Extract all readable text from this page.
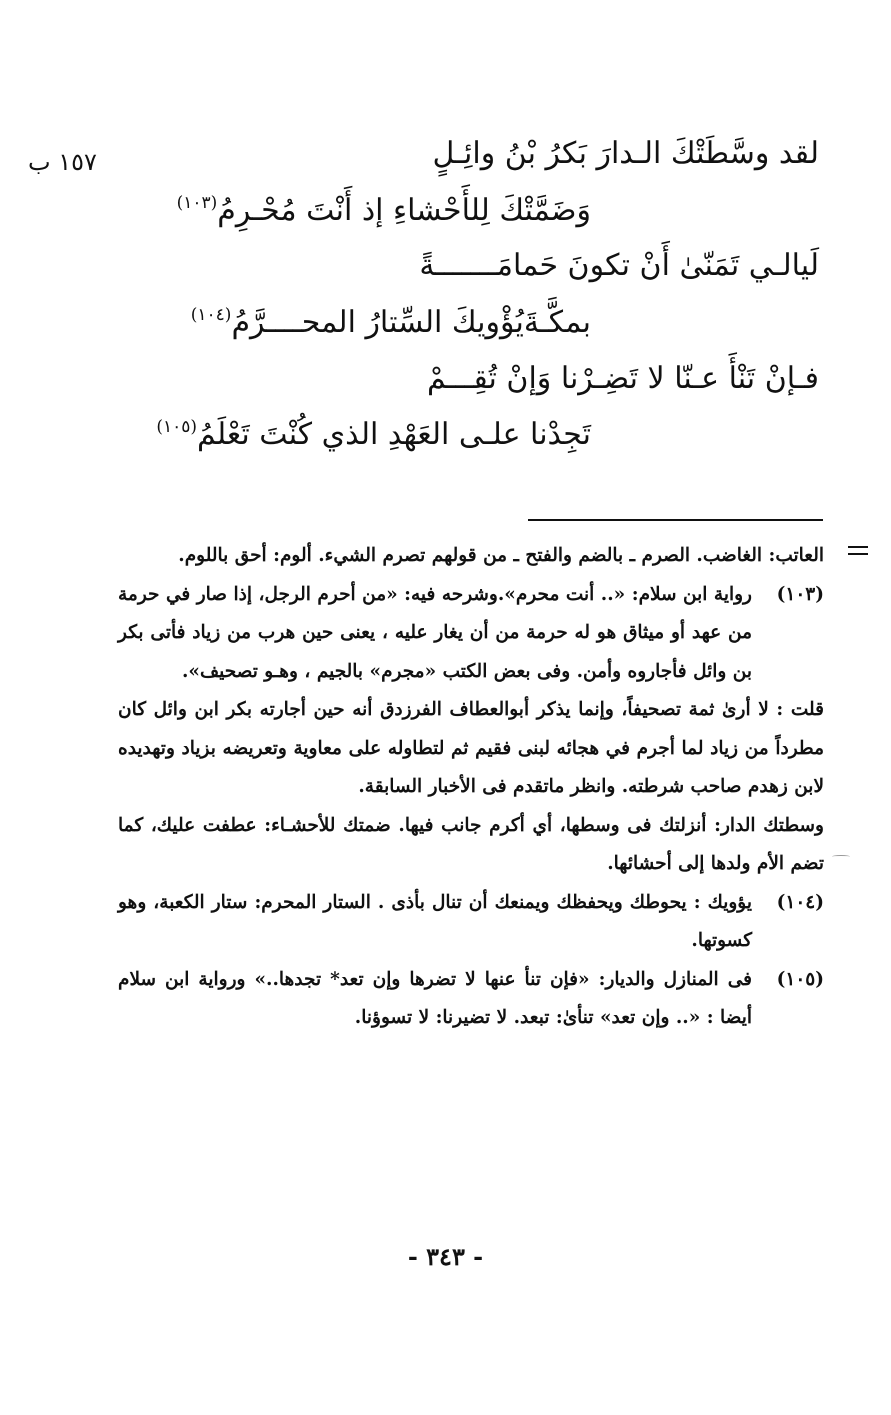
١٥٧ ب	لقد وسَّطَتْكَ الـدارَ بَكرُ بْنُ وائِـلٍ
وَضَمَّتْكَ لِلأَحْشاءِ إذ أَنْتَ مُحْـرِمُ$^{(١٠٣)}$
لَيالـي تَمَنّىٰ أَنْ تكونَ حَمامَـــــــةً
بمكَّـةَيُؤْويكَ السِّتارُ المحــــرَّمُ$^{(١٠٤)}$
فـإنْ تَنْأَ عـنّا لا تَضِـرْنا وَإنْ تُقِـــمْ
تَجِدْنا علـى العَهْدِ الذي كُنْتَ تَعْلَمُ$^{(١٠٥)}$
العاتب: الغاضب. الصرم ـ بالضم والفتح ـ من قولهم تصرم الشيء. ألوم: أحق باللوم.
(١٠٣)
رواية ابن سلام: «.. أنت محرم».وشرحه فيه: «من أحرم الرجل، إذا صار في حرمة من عهد أو ميثاق هو له حرمة من أن يغار عليه ، يعنى حين هرب من زياد فأتى بكر بن وائل فأجاروه وأمن. وفى بعض الكتب «مجرم» بالجيم ، وهـو تصحيف».
قلت : لا أرىٰ ثمة تصحيفاً، وإنما يذكر أبوالعطاف الفرزدق أنه حين أجارته بكر ابن وائل كان مطرداً من زياد لما أجرم في هجائه لبنى فقيم ثم لتطاوله على معاوية وتعريضه بزياد وتهديده لابن زهدم صاحب شرطته. وانظر ماتقدم فى الأخبار السابقة.
وسطتك الدار: أنزلتك فى وسطها، أي أكرم جانب فيها. ضمتك للأحشـاء: عطفت عليك، كما تضم الأم ولدها إلى أحشائها.
(١٠٤)
يؤويك : يحوطك ويحفظك ويمنعك أن تنال بأذى . الستار المحرم: ستار الكعبة، وهو كسوتها.
(١٠٥)
فى المنازل والديار: «فإن تنأ عنها لا تضرها وإن تعد* تجدها..» ورواية ابن سلام أيضا : «.. وإن تعد» تنأىٰ: تبعد. لا تضيرنا: لا تسوؤنا.
- ٣٤٣ -
